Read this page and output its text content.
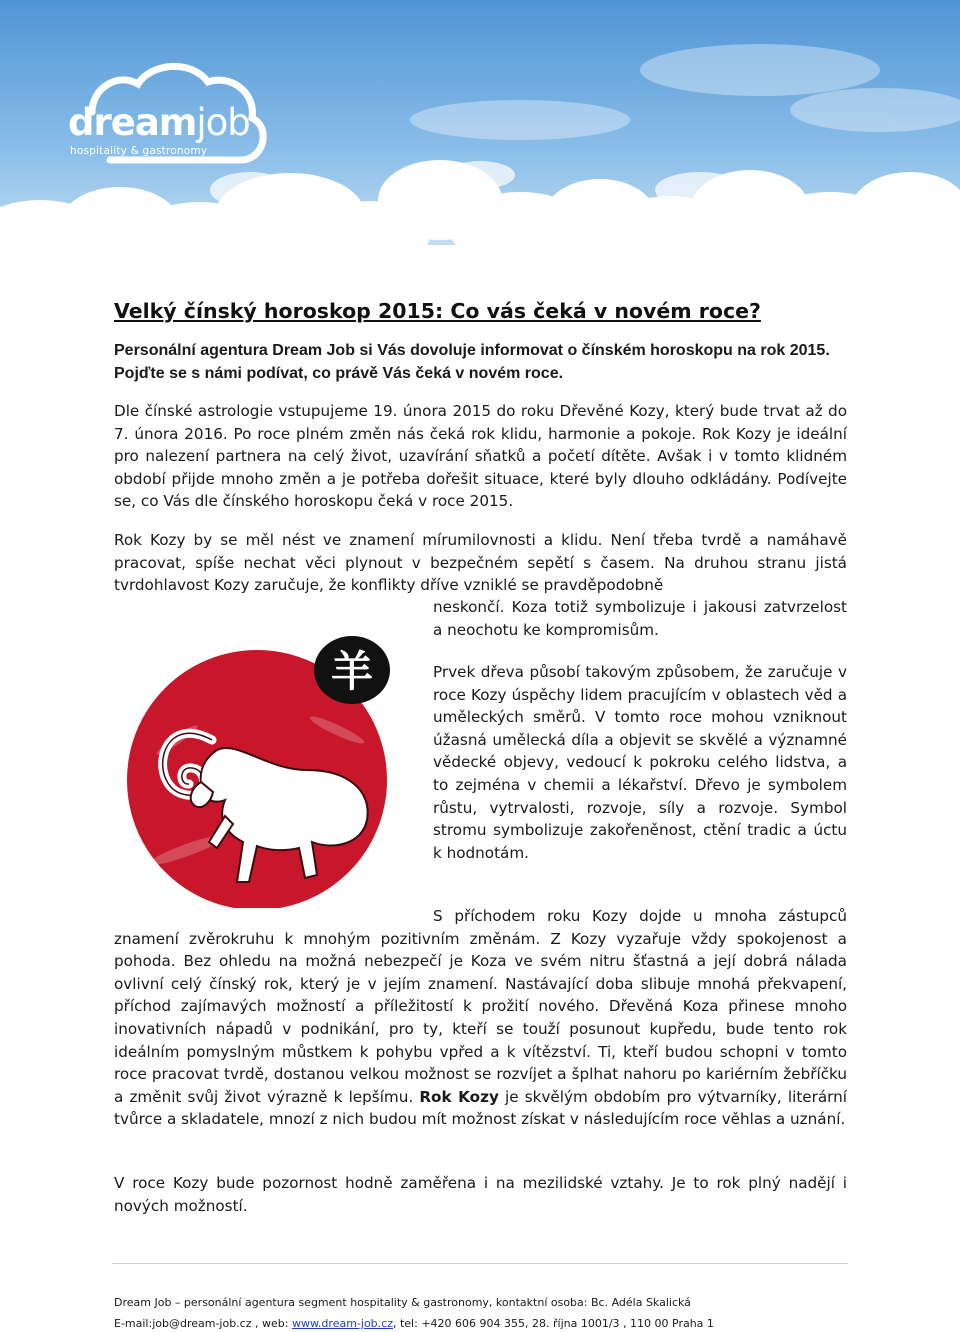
dreamjob
hospitality & gastronomy
Velký čínský horoskop 2015: Co vás čeká v novém roce?

Personální agentura Dream Job si Vás dovoluje informovat o čínském horoskopu na rok 2015. Pojďte se s námi podívat, co právě Vás čeká v novém roce.

Dle čínské astrologie vstupujeme 19. února 2015 do roku Dřevěné Kozy, který bude trvat až do 7. února 2016. Po roce plném změn nás čeká rok klidu, harmonie a pokoje. Rok Kozy je ideální pro nalezení partnera na celý život, uzavírání sňatků a početí dítěte. Avšak i v tomto klidném období přijde mnoho změn a je potřeba dořešit situace, které byly dlouho odkládány. Podívejte se, co Vás dle čínského horoskopu čeká v roce 2015.

Rok Kozy by se měl nést ve znamení mírumilovnosti a klidu. Není třeba tvrdě a namáhavě pracovat, spíše nechat věci plynout v bezpečném sepětí s časem. Na druhou stranu jistá tvrdohlavost Kozy zaručuje, že konflikty dříve vzniklé se pravděpodobně

neskončí. Koza totiž symbolizuje i jakousi zatvrzelost a neochotu ke kompromisům.

Prvek dřeva působí takovým způsobem, že zaručuje v roce Kozy úspěchy lidem pracujícím v oblastech věd a uměleckých směrů. V tomto roce mohou vzniknout úžasná umělecká díla a objevit se skvělé a významné vědecké objevy, vedoucí k pokroku celého lidstva, a to zejména v chemii a lékařství. Dřevo je symbolem růstu, vytrvalosti, rozvoje, síly a rozvoje. Symbol stromu symbolizuje zakořeněnost, ctění tradic a úctu k hodnotám.

羊

S příchodem roku Kozy dojde u mnoha zástupců znamení zvěrokruhu k mnohým pozitivním změnám. Z Kozy vyzařuje vždy spokojenost a pohoda. Bez ohledu na možná nebezpečí je Koza ve svém nitru šťastná a její dobrá nálada ovlivní celý čínský rok, který je v jejím znamení. Nastávající doba slibuje mnohá překvapení, příchod zajímavých možností a příležitostí k prožití nového. Dřevěná Koza přinese mnoho inovativních nápadů v podnikání, pro ty, kteří se touží posunout kupředu, bude tento rok ideálním pomyslným můstkem k pohybu vpřed a k vítězství. Ti, kteří budou schopni v tomto roce pracovat tvrdě, dostanou velkou možnost se rozvíjet a šplhat nahoru po kariérním žebříčku a změnit svůj život výrazně k lepšímu. Rok Kozy je skvělým obdobím pro výtvarníky, literární tvůrce a skladatele, mnozí z nich budou mít možnost získat v následujícím roce věhlas a uznání.

V roce Kozy bude pozornost hodně zaměřena i na mezilidské vztahy. Je to rok plný nadějí i nových možností.

Dream Job – personální agentura segment hospitality & gastronomy, kontaktní osoba: Bc. Adéla Skalická

E-mail:job@dream-job.cz , web: www.dream-job.cz, tel: +420 606 904 355, 28. října 1001/3 , 110 00 Praha 1
